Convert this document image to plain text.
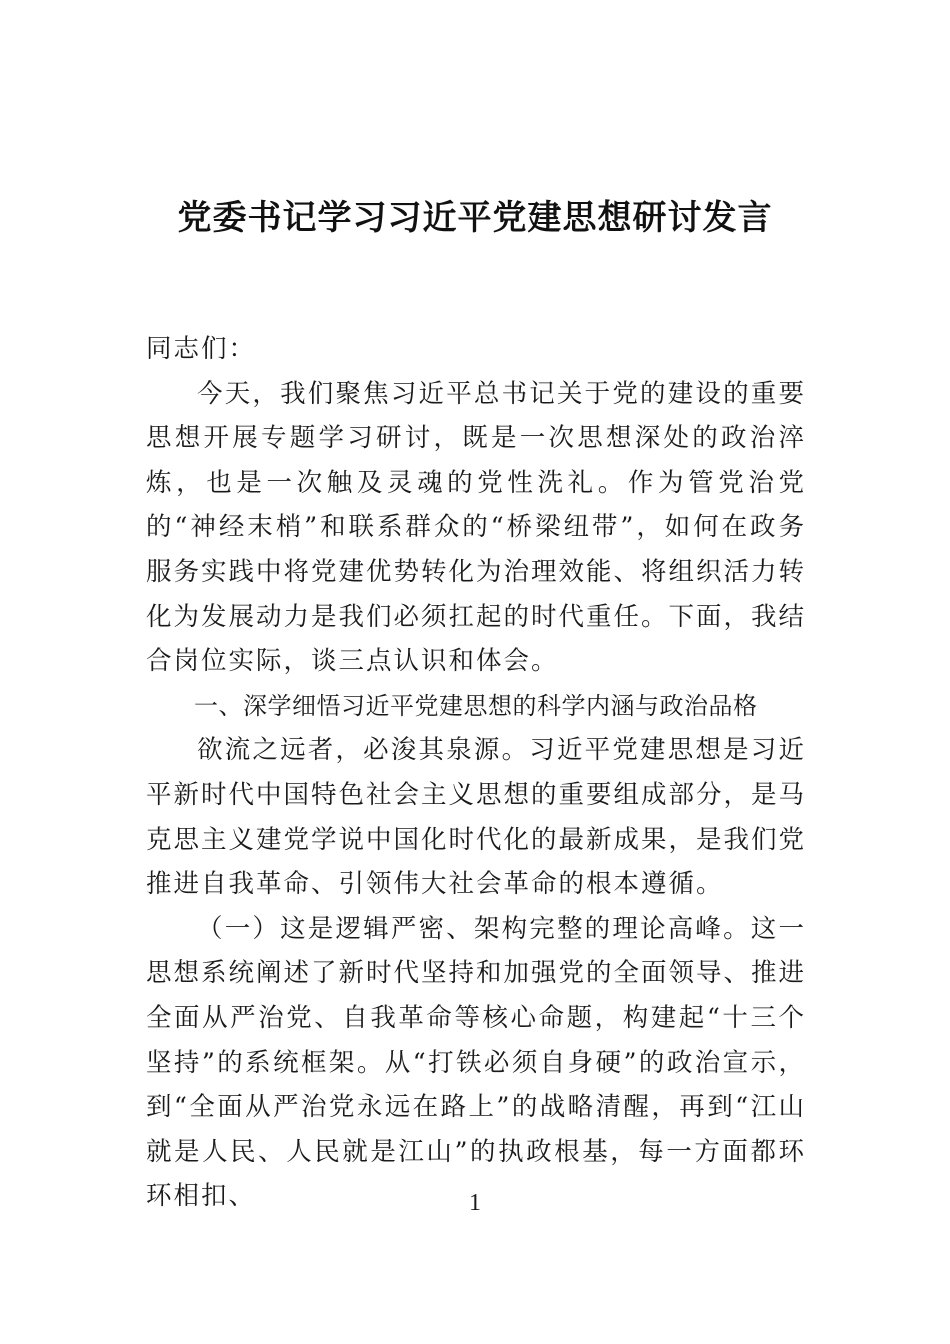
党委书记学习习近平党建思想研讨发言

同志们：

今天，我们聚焦习近平总书记关于党的建设的重要思想开展专题学习研讨，既是一次思想深处的政治淬炼，也是一次触及灵魂的党性洗礼。作为管党治党的“神经末梢”和联系群众的“桥梁纽带”，如何在政务服务实践中将党建优势转化为治理效能、将组织活力转化为发展动力是我们必须扛起的时代重任。下面，我结合岗位实际，谈三点认识和体会。

一、深学细悟习近平党建思想的科学内涵与政治品格

欲流之远者，必浚其泉源。习近平党建思想是习近平新时代中国特色社会主义思想的重要组成部分，是马克思主义建党学说中国化时代化的最新成果，是我们党推进自我革命、引领伟大社会革命的根本遵循。

（一）这是逻辑严密、架构完整的理论高峰。这一思想系统阐述了新时代坚持和加强党的全面领导、推进全面从严治党、自我革命等核心命题，构建起“十三个坚持”的系统框架。从“打铁必须自身硬”的政治宣示，到“全面从严治党永远在路上”的战略清醒，再到“江山就是人民、人民就是江山”的执政根基，每一方面都环环相扣、	1
